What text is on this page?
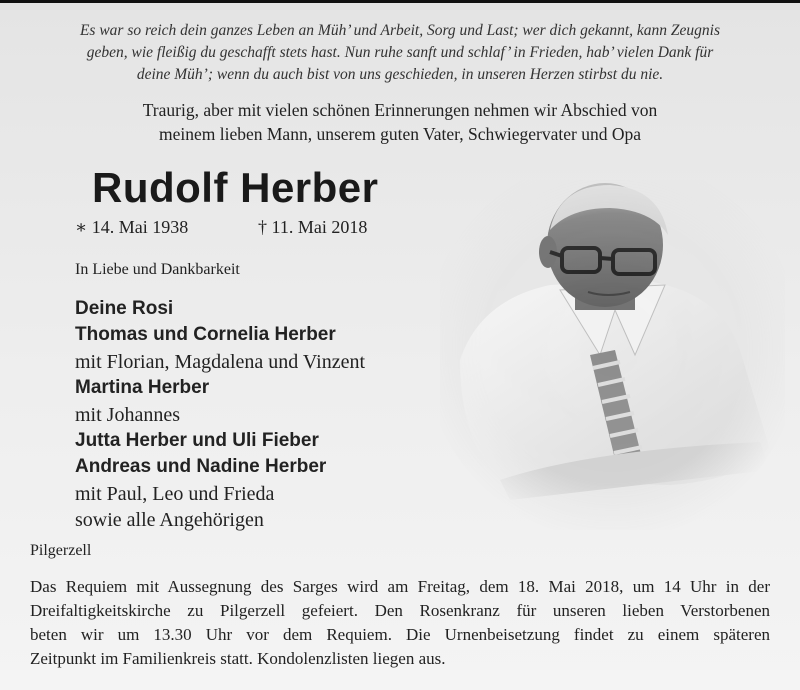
Es war so reich dein ganzes Leben an Müh’ und Arbeit, Sorg und Last; wer dich gekannt, kann Zeugnis
geben, wie fleißig du geschafft stets hast. Nun ruhe sanft und schlaf’ in Frieden, hab’ vielen Dank für
deine Müh’; wenn du auch bist von uns geschieden, in unseren Herzen stirbst du nie.
Traurig, aber mit vielen schönen Erinnerungen nehmen wir Abschied von
meinem lieben Mann, unserem guten Vater, Schwiegervater und Opa
Rudolf Herber
∗ 14. Mai 1938	† 11. Mai 2018
In Liebe und Dankbarkeit
Deine Rosi
Thomas und Cornelia Herber
mit Florian, Magdalena und Vinzent
Martina Herber
mit Johannes
Jutta Herber und Uli Fieber
Andreas und Nadine Herber
mit Paul, Leo und Frieda
sowie alle Angehörigen
Pilgerzell
Das Requiem mit Aussegnung des Sarges wird am Freitag, dem 18. Mai 2018, um 14 Uhr in der
Dreifaltigkeitskirche zu Pilgerzell gefeiert. Den Rosenkranz für unseren lieben Verstorbenen
beten wir um 13.30 Uhr vor dem Requiem. Die Urnenbeisetzung findet zu einem späteren
Zeitpunkt im Familienkreis statt. Kondolenzlisten liegen aus.
